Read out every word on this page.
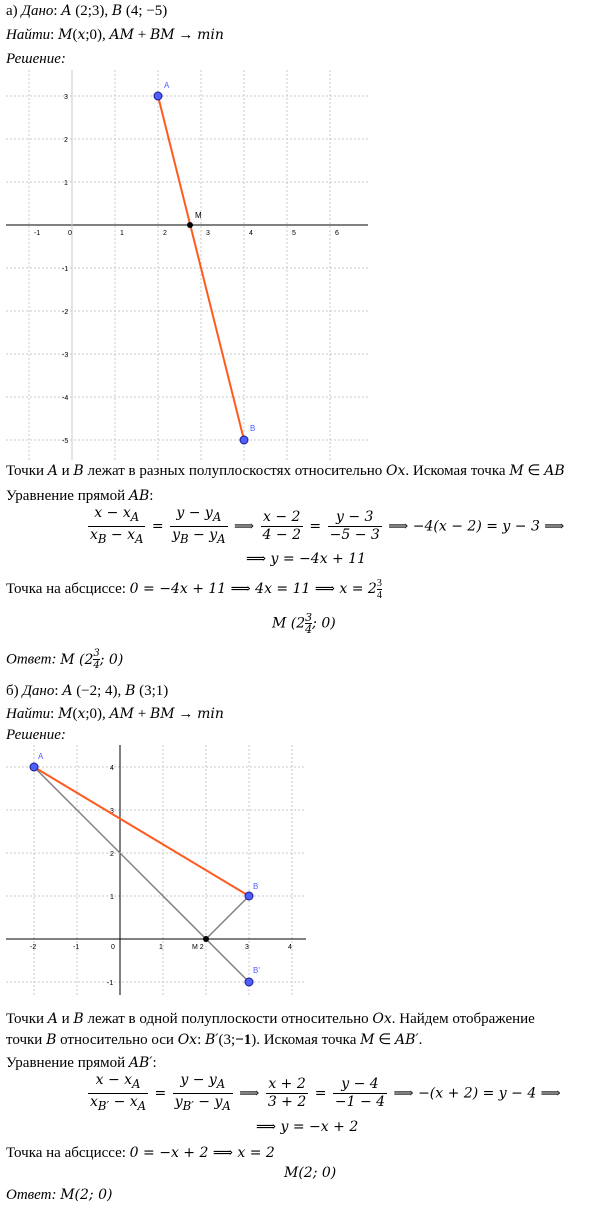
а) Дано: A (2;3), B (4; −5)
Найти: M(x;0), AM + BM → min
Решение:
-1	0	1	2	3	4	5	6
3
2
1
-1
-2
-3
-4
-5
A
M
B
Точки A и B лежат в разных полуплоскостях относительно Ox. Искомая точка M ∈ AB
Уравнение прямой AB:
$\frac{x - x_A}{x_B - x_A} = \frac{y - y_A}{y_B - y_A}$ ⟹ $\frac{x - 2}{4 - 2} = \frac{y - 3}{-5 - 3}$ ⟹ −4(x − 2) = y − 3 ⟹
⟹ y = −4x + 11
Точка на абсциссе: 0 = −4x + 11 ⟹ 4x = 11 ⟹ $x = 2 \frac{3}{4}$
M ($2 \frac{3}{4}$ ; 0)
Ответ: M ($2 \frac{3}{4}$ ; 0)
б) Дано: A (−2; 4), B (3;1)
Найти: M(x;0), AM + BM → min
Решение:
-2	-1	0	1	M 2	3	4
4
3
2
1
-1
A
B
B'
Точки A и B лежат в одной полуплоскости относительно Ox. Найдем отображение
точки B относительно оси Ox: B′(3;−1). Искомая точка M ∈ AB′.
Уравнение прямой AB′:
$\frac{x - x_A}{x_{B'} - x_A} = \frac{y - y_A}{y_{B'} - y_A}$ ⟹ $\frac{x + 2}{3 + 2} = \frac{y - 4}{-1 - 4}$ ⟹ −(x + 2) = y − 4 ⟹
⟹ y = −x + 2
Точка на абсциссе: 0 = −x + 2 ⟹ x = 2
M(2; 0)
Ответ: M(2; 0)
